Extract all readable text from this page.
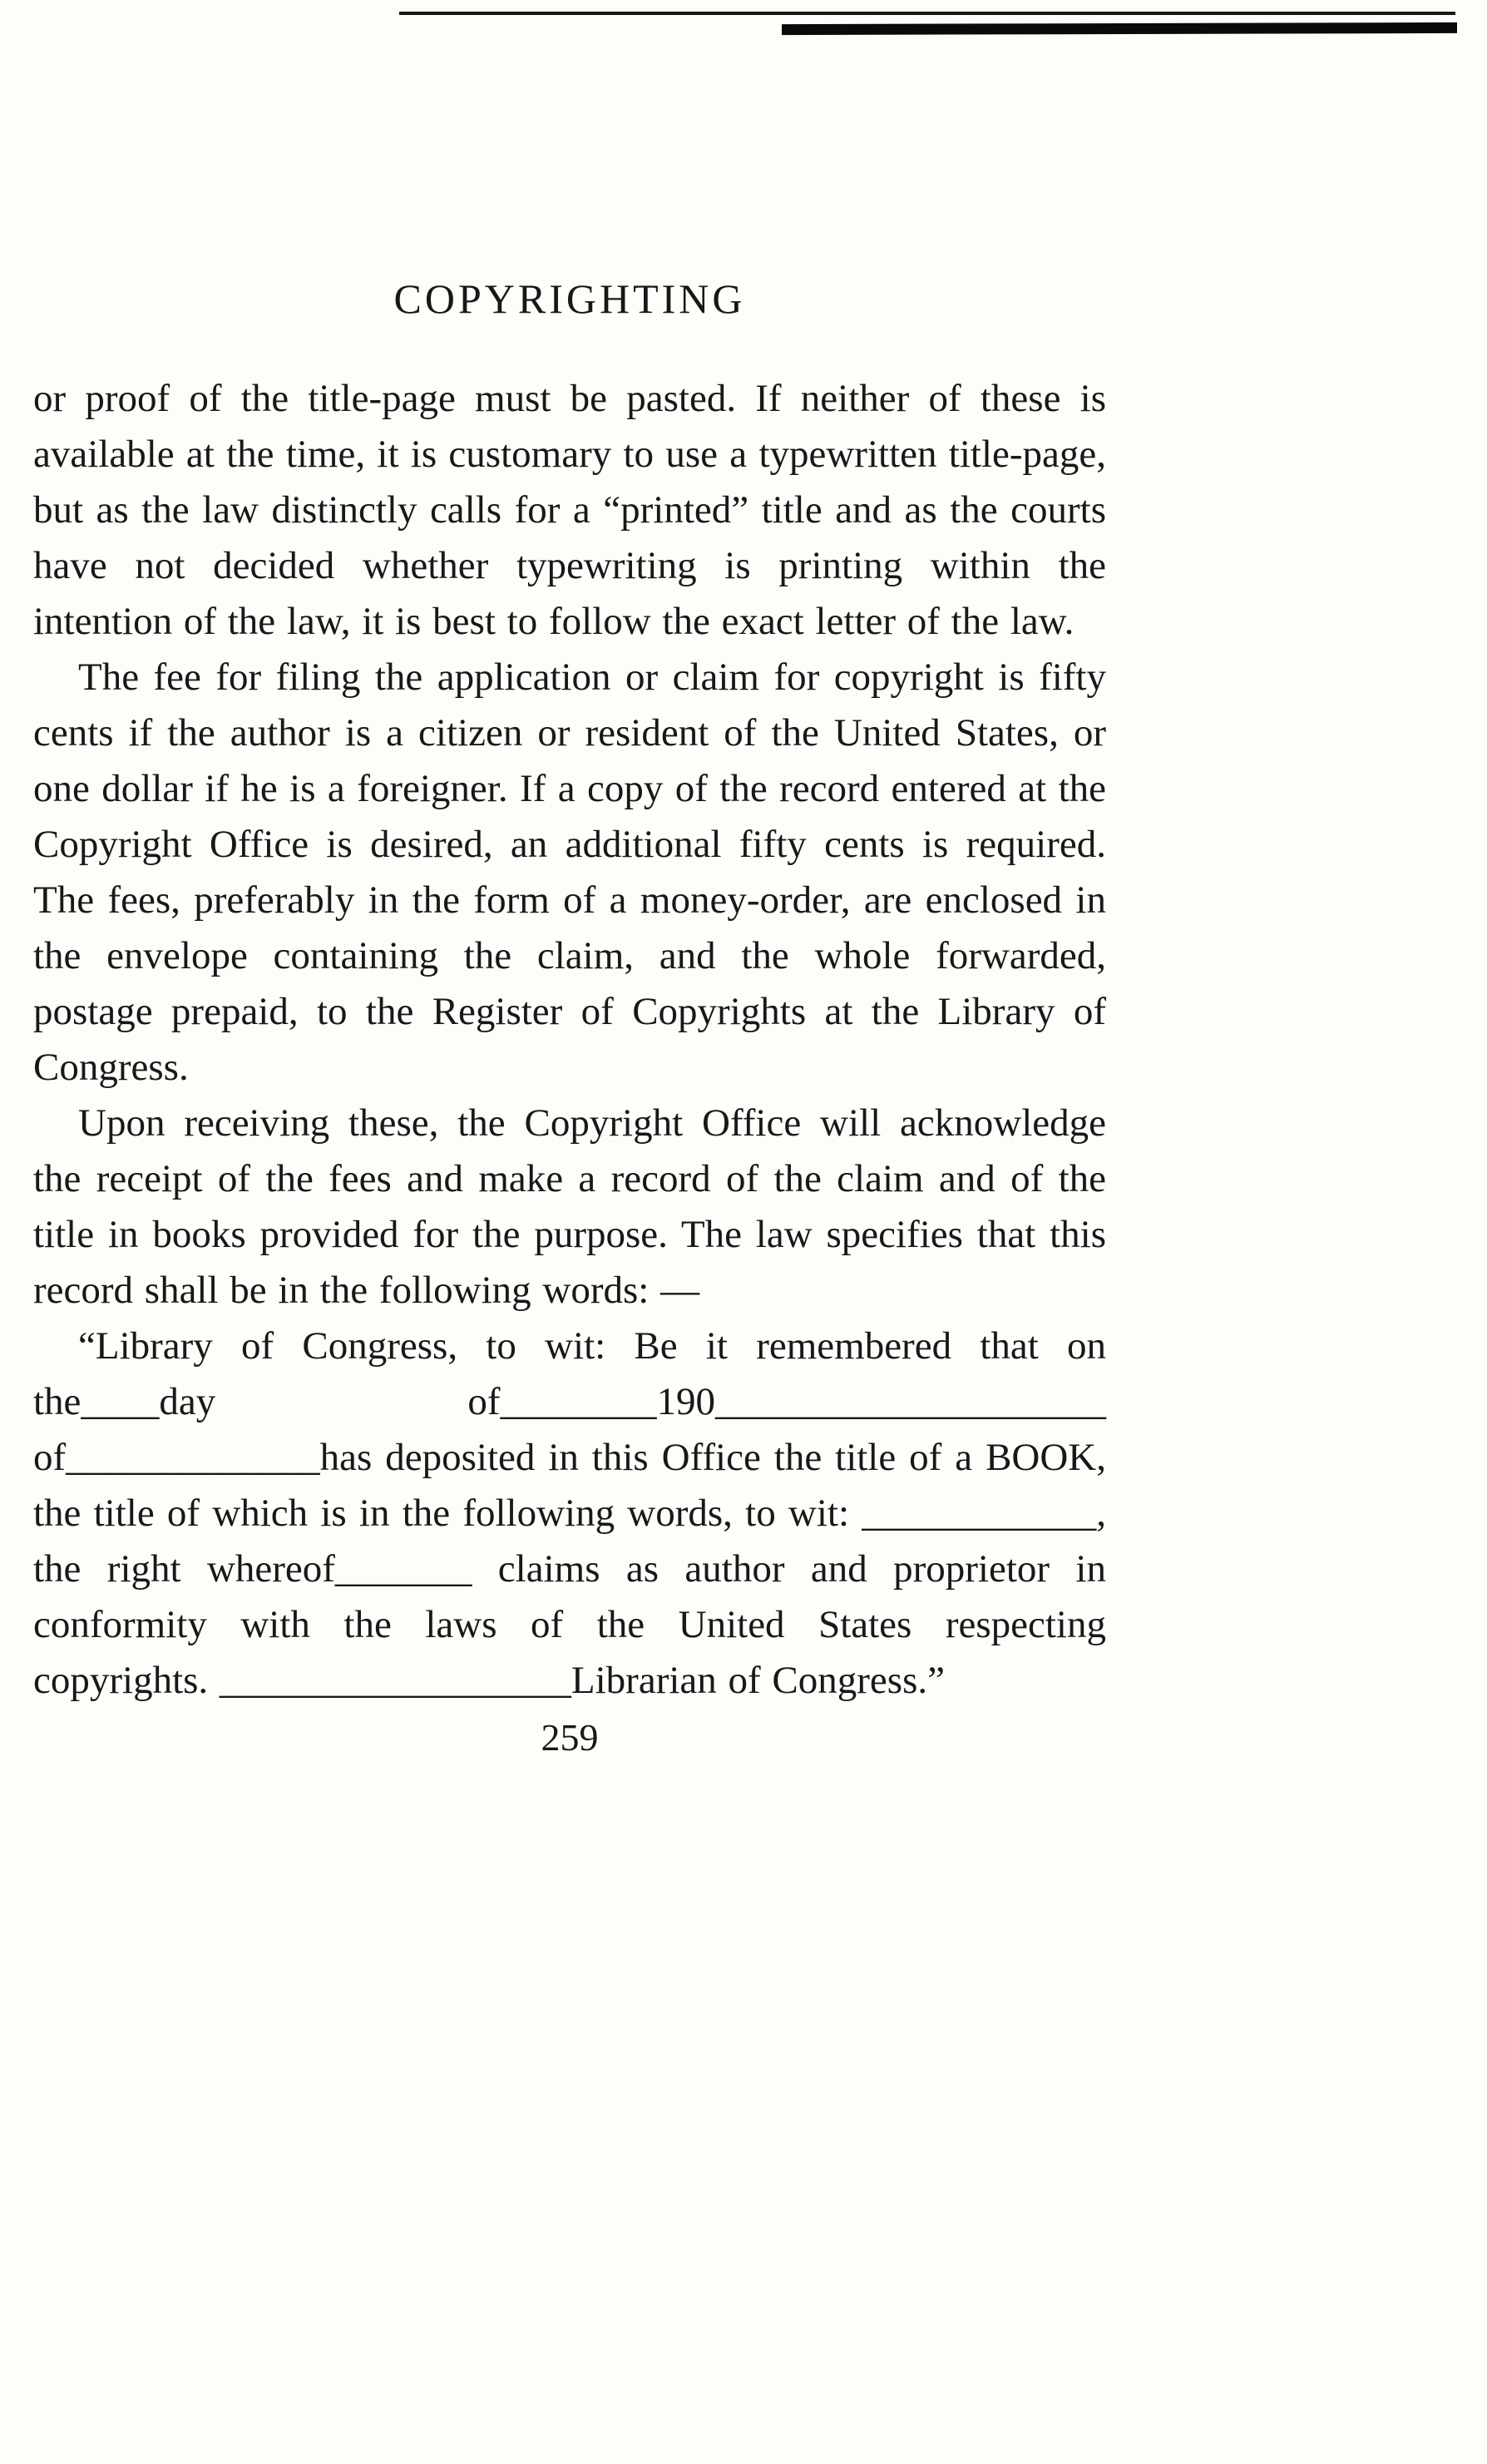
COPYRIGHTING

or proof of the title-page must be pasted. If neither of these is available at the time, it is customary to use a typewritten title-page, but as the law distinctly calls for a “printed” title and as the courts have not decided whether typewriting is printing within the intention of the law, it is best to follow the exact letter of the law.

The fee for filing the application or claim for copyright is fifty cents if the author is a citizen or resident of the United States, or one dollar if he is a foreigner. If a copy of the record entered at the Copyright Office is desired, an additional fifty cents is required. The fees, preferably in the form of a money-order, are enclosed in the envelope containing the claim, and the whole forwarded, postage prepaid, to the Register of Copyrights at the Library of Congress.

Upon receiving these, the Copyright Office will acknowledge the receipt of the fees and make a record of the claim and of the title in books provided for the purpose. The law specifies that this record shall be in the following words: —

“Library of Congress, to wit: Be it remembered that on the____day of________190____________________ of_____________has deposited in this Office the title of a BOOK, the title of which is in the following words, to wit: ____________, the right whereof_______ claims as author and proprietor in conformity with the laws of the United States respecting copyrights. __________________Librarian of Congress.”

259
